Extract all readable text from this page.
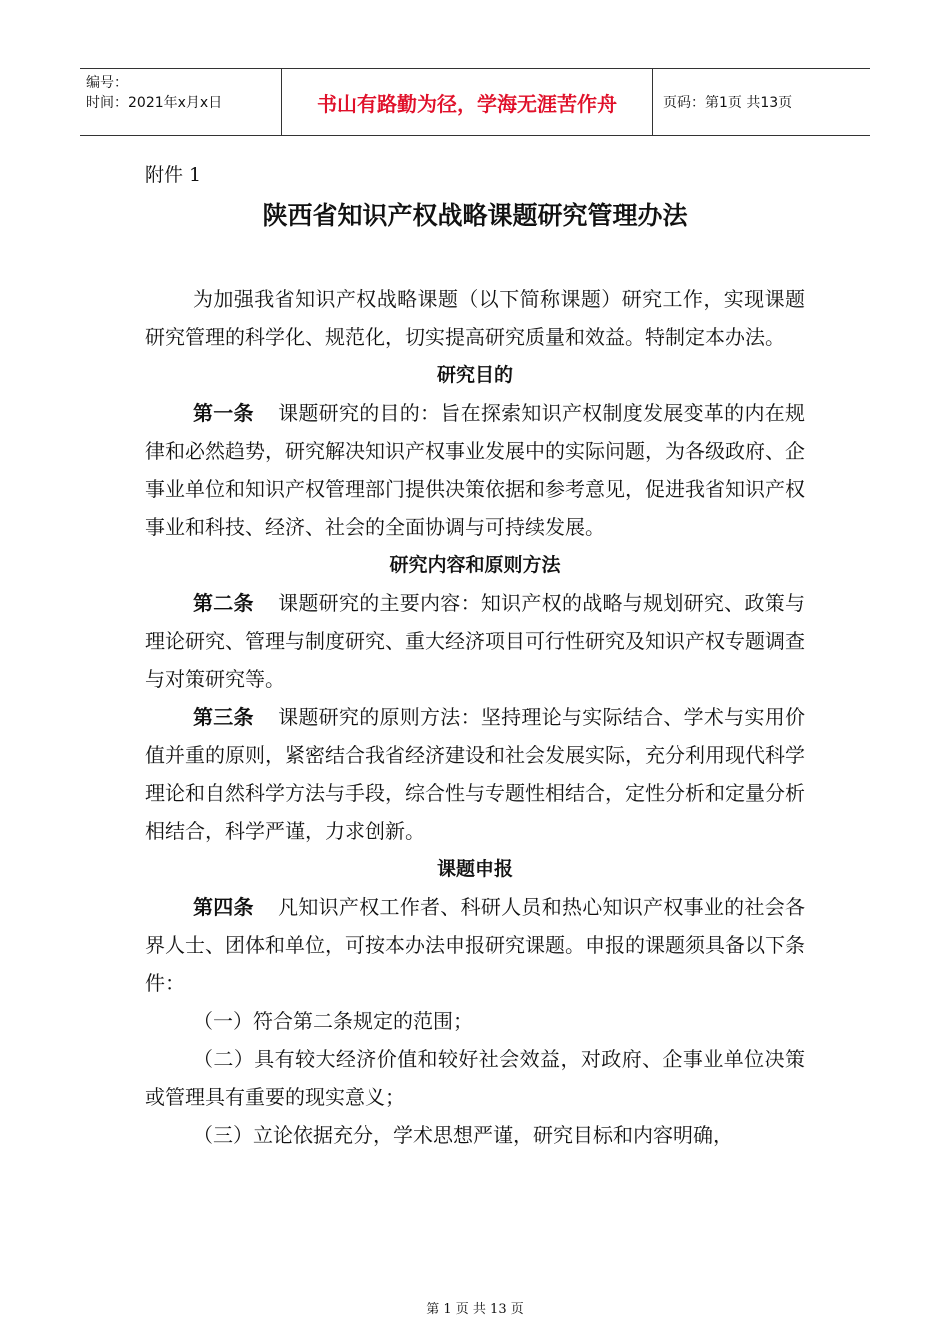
编号：
时间：2021年x月x日	书山有路勤为径，学海无涯苦作舟	页码：第1页 共13页
附件 1
陕西省知识产权战略课题研究管理办法

为加强我省知识产权战略课题（以下简称课题）研究工作，实现课题研究管理的科学化、规范化，切实提高研究质量和效益。特制定本办法。

研究目的

第一条 课题研究的目的：旨在探索知识产权制度发展变革的内在规律和必然趋势，研究解决知识产权事业发展中的实际问题，为各级政府、企事业单位和知识产权管理部门提供决策依据和参考意见，促进我省知识产权事业和科技、经济、社会的全面协调与可持续发展。

研究内容和原则方法

第二条 课题研究的主要内容：知识产权的战略与规划研究、政策与理论研究、管理与制度研究、重大经济项目可行性研究及知识产权专题调查与对策研究等。

第三条 课题研究的原则方法：坚持理论与实际结合、学术与实用价值并重的原则，紧密结合我省经济建设和社会发展实际，充分利用现代科学理论和自然科学方法与手段，综合性与专题性相结合，定性分析和定量分析相结合，科学严谨，力求创新。

课题申报

第四条 凡知识产权工作者、科研人员和热心知识产权事业的社会各界人士、团体和单位，可按本办法申报研究课题。申报的课题须具备以下条件：

（一）符合第二条规定的范围；

（二）具有较大经济价值和较好社会效益，对政府、企事业单位决策或管理具有重要的现实意义；

（三）立论依据充分，学术思想严谨，研究目标和内容明确，

第 1 页 共 13 页
